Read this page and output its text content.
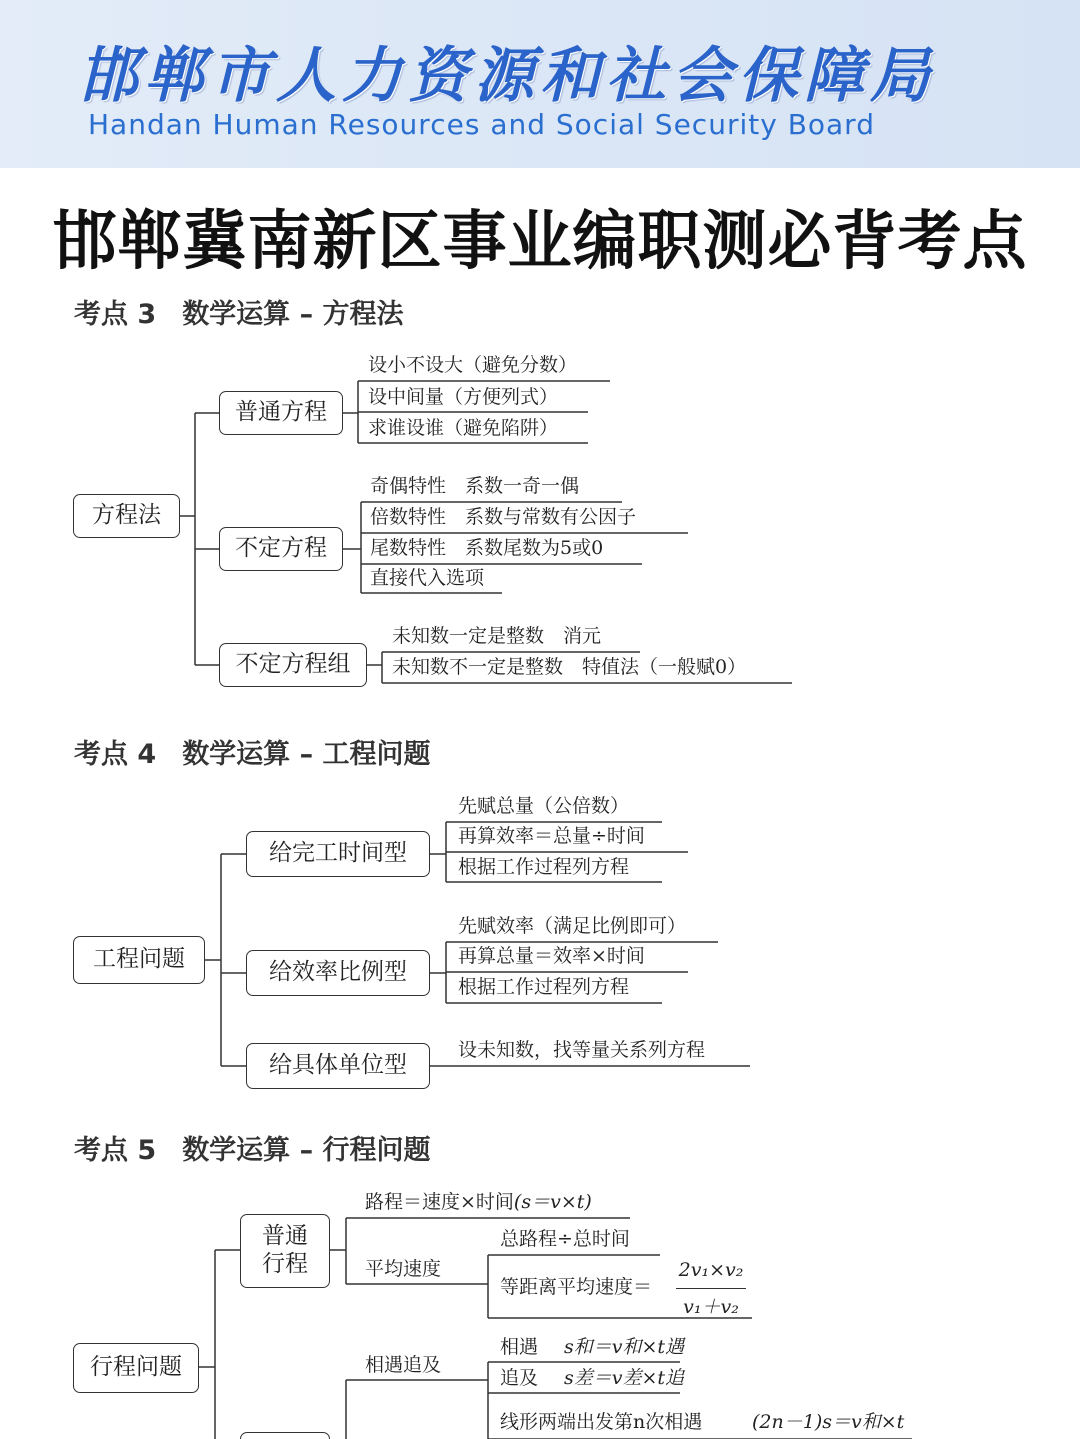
邯郸市人力资源和社会保障局
Handan Human Resources and Social Security Board
邯郸冀南新区事业编职测必背考点
考点 3 数学运算 – 方程法
方程法
普通方程
设小不设大（避免分数）
设中间量（方便列式）
求谁设谁（避免陷阱）
不定方程
奇偶特性　系数一奇一偶
倍数特性　系数与常数有公因子
尾数特性　系数尾数为5或0
直接代入选项
不定方程组
未知数一定是整数　消元
未知数不一定是整数　特值法（一般赋0）
考点 4 数学运算 – 工程问题
工程问题
给完工时间型
先赋总量（公倍数）
再算效率＝总量÷时间
根据工作过程列方程
给效率比例型
先赋效率（满足比例即可）
再算总量＝效率×时间
根据工作过程列方程
给具体单位型
设未知数，找等量关系列方程
考点 5 数学运算 – 行程问题
行程问题
普通
行程
路程＝速度×时间(s＝v×t)
平均速度
总路程÷总时间
等距离平均速度＝
2v₁×v₂
v₁＋v₂
相遇追及
相遇 s和＝v和×t遇
追及 s差＝v差×t追
线形两端出发第n次相遇	(2n－1)s＝v和×t
